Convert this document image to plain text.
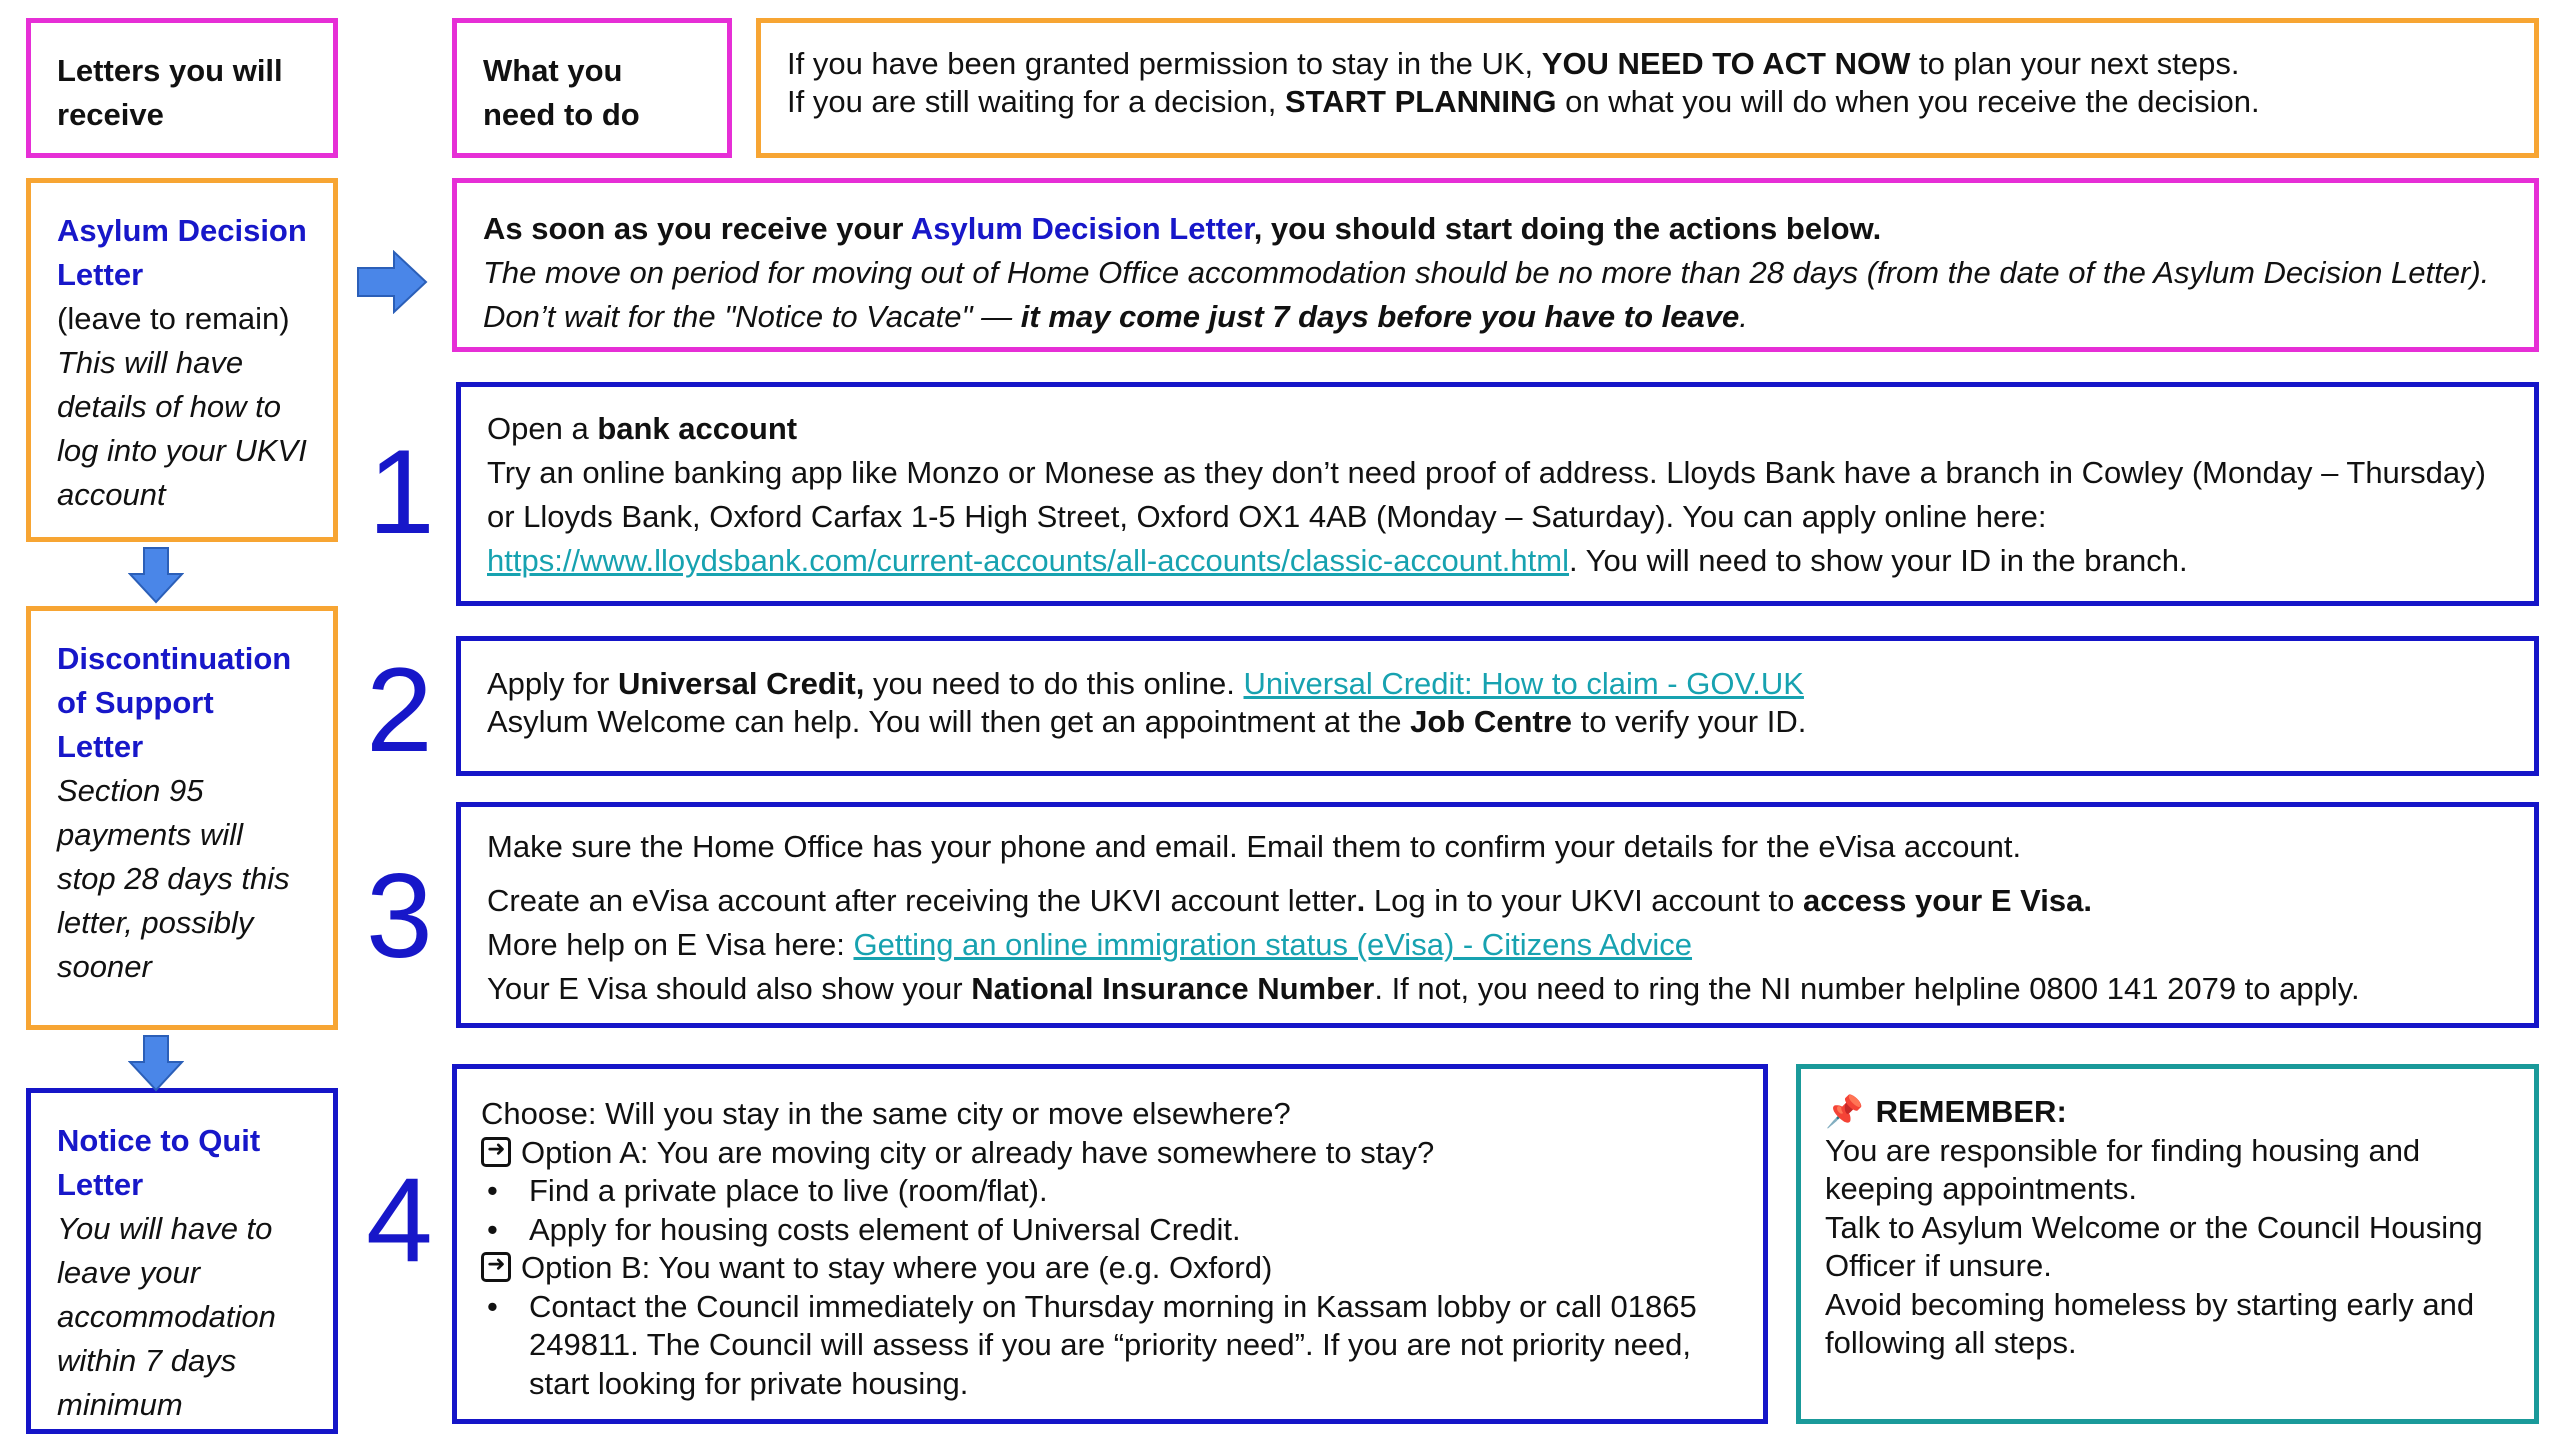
Letters you will receive
What you need to do
If you have been granted permission to stay in the UK, YOU NEED TO ACT NOW to plan your next steps.
If you are still waiting for a decision, START PLANNING on what you will do when you receive the decision.
Asylum Decision Letter
(leave to remain)
This will have details of how to log into your UKVI account
Discontinuation of Support Letter
Section 95 payments will stop 28 days this letter, possibly sooner
Notice to Quit Letter
You will have to leave your accommodation within 7 days minimum
As soon as you receive your Asylum Decision Letter, you should start doing the actions below.
The move on period for moving out of Home Office accommodation should be no more than 28 days (from the date of the Asylum Decision Letter). Don’t wait for the "Notice to Vacate" — it may come just 7 days before you have to leave.
1
2
3
4
Open a bank account
Try an online banking app like Monzo or Monese as they don’t need proof of address. Lloyds Bank have a branch in Cowley (Monday – Thursday) or Lloyds Bank, Oxford Carfax 1-5 High Street, Oxford OX1 4AB (Monday – Saturday). You can apply online here: https://www.lloydsbank.com/current-accounts/all-accounts/classic-account.html. You will need to show your ID in the branch.
Apply for Universal Credit, you need to do this online. Universal Credit: How to claim - GOV.UK
Asylum Welcome can help. You will then get an appointment at the Job Centre to verify your ID.
Make sure the Home Office has your phone and email. Email them to confirm your details for the eVisa account.
Create an eVisa account after receiving the UKVI account letter. Log in to your UKVI account to access your E Visa.
More help on E Visa here: Getting an online immigration status (eVisa) - Citizens Advice
Your E Visa should also show your National Insurance Number. If not, you need to ring the NI number helpline 0800 141 2079 to apply.
Choose: Will you stay in the same city or move elsewhere?
➜Option A: You are moving city or already have somewhere to stay?
• Find a private place to live (room/flat).
• Apply for housing costs element of Universal Credit.
➜Option B: You want to stay where you are (e.g. Oxford)
• Contact the Council immediately on Thursday morning in Kassam lobby or call 01865 249811. The Council will assess if you are “priority need”. If you are not priority need, start looking for private housing.
📌 REMEMBER:
You are responsible for finding housing and keeping appointments.
Talk to Asylum Welcome or the Council Housing Officer if unsure.
Avoid becoming homeless by starting early and following all steps.
